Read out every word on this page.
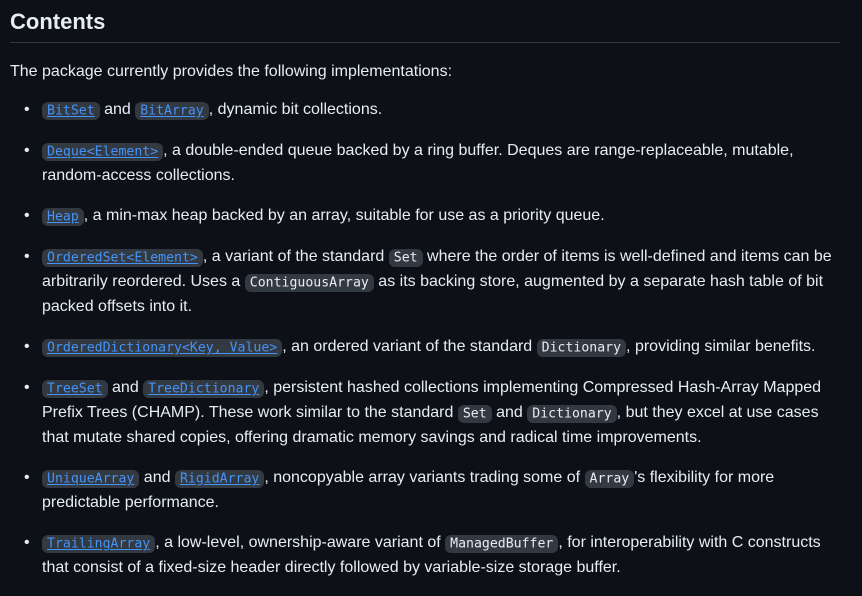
Contents

The package currently provides the following implementations:

• BitSet and BitArray , dynamic bit collections.
• Deque<Element> , a double-ended queue backed by a ring buffer. Deques are range-replaceable, mutable, random-access collections.
• Heap , a min-max heap backed by an array, suitable for use as a priority queue.
• OrderedSet<Element> , a variant of the standard Set where the order of items is well-defined and items can be arbitrarily reordered. Uses a ContiguousArray as its backing store, augmented by a separate hash table of bit packed offsets into it.
• OrderedDictionary<Key, Value> , an ordered variant of the standard Dictionary , providing similar benefits.
• TreeSet and TreeDictionary , persistent hashed collections implementing Compressed Hash-Array Mapped Prefix Trees (CHAMP). These work similar to the standard Set and Dictionary , but they excel at use cases that mutate shared copies, offering dramatic memory savings and radical time improvements.
• UniqueArray and RigidArray , noncopyable array variants trading some of Array 's flexibility for more predictable performance.
• TrailingArray , a low-level, ownership-aware variant of ManagedBuffer , for interoperability with C constructs that consist of a fixed-size header directly followed by variable-size storage buffer.
